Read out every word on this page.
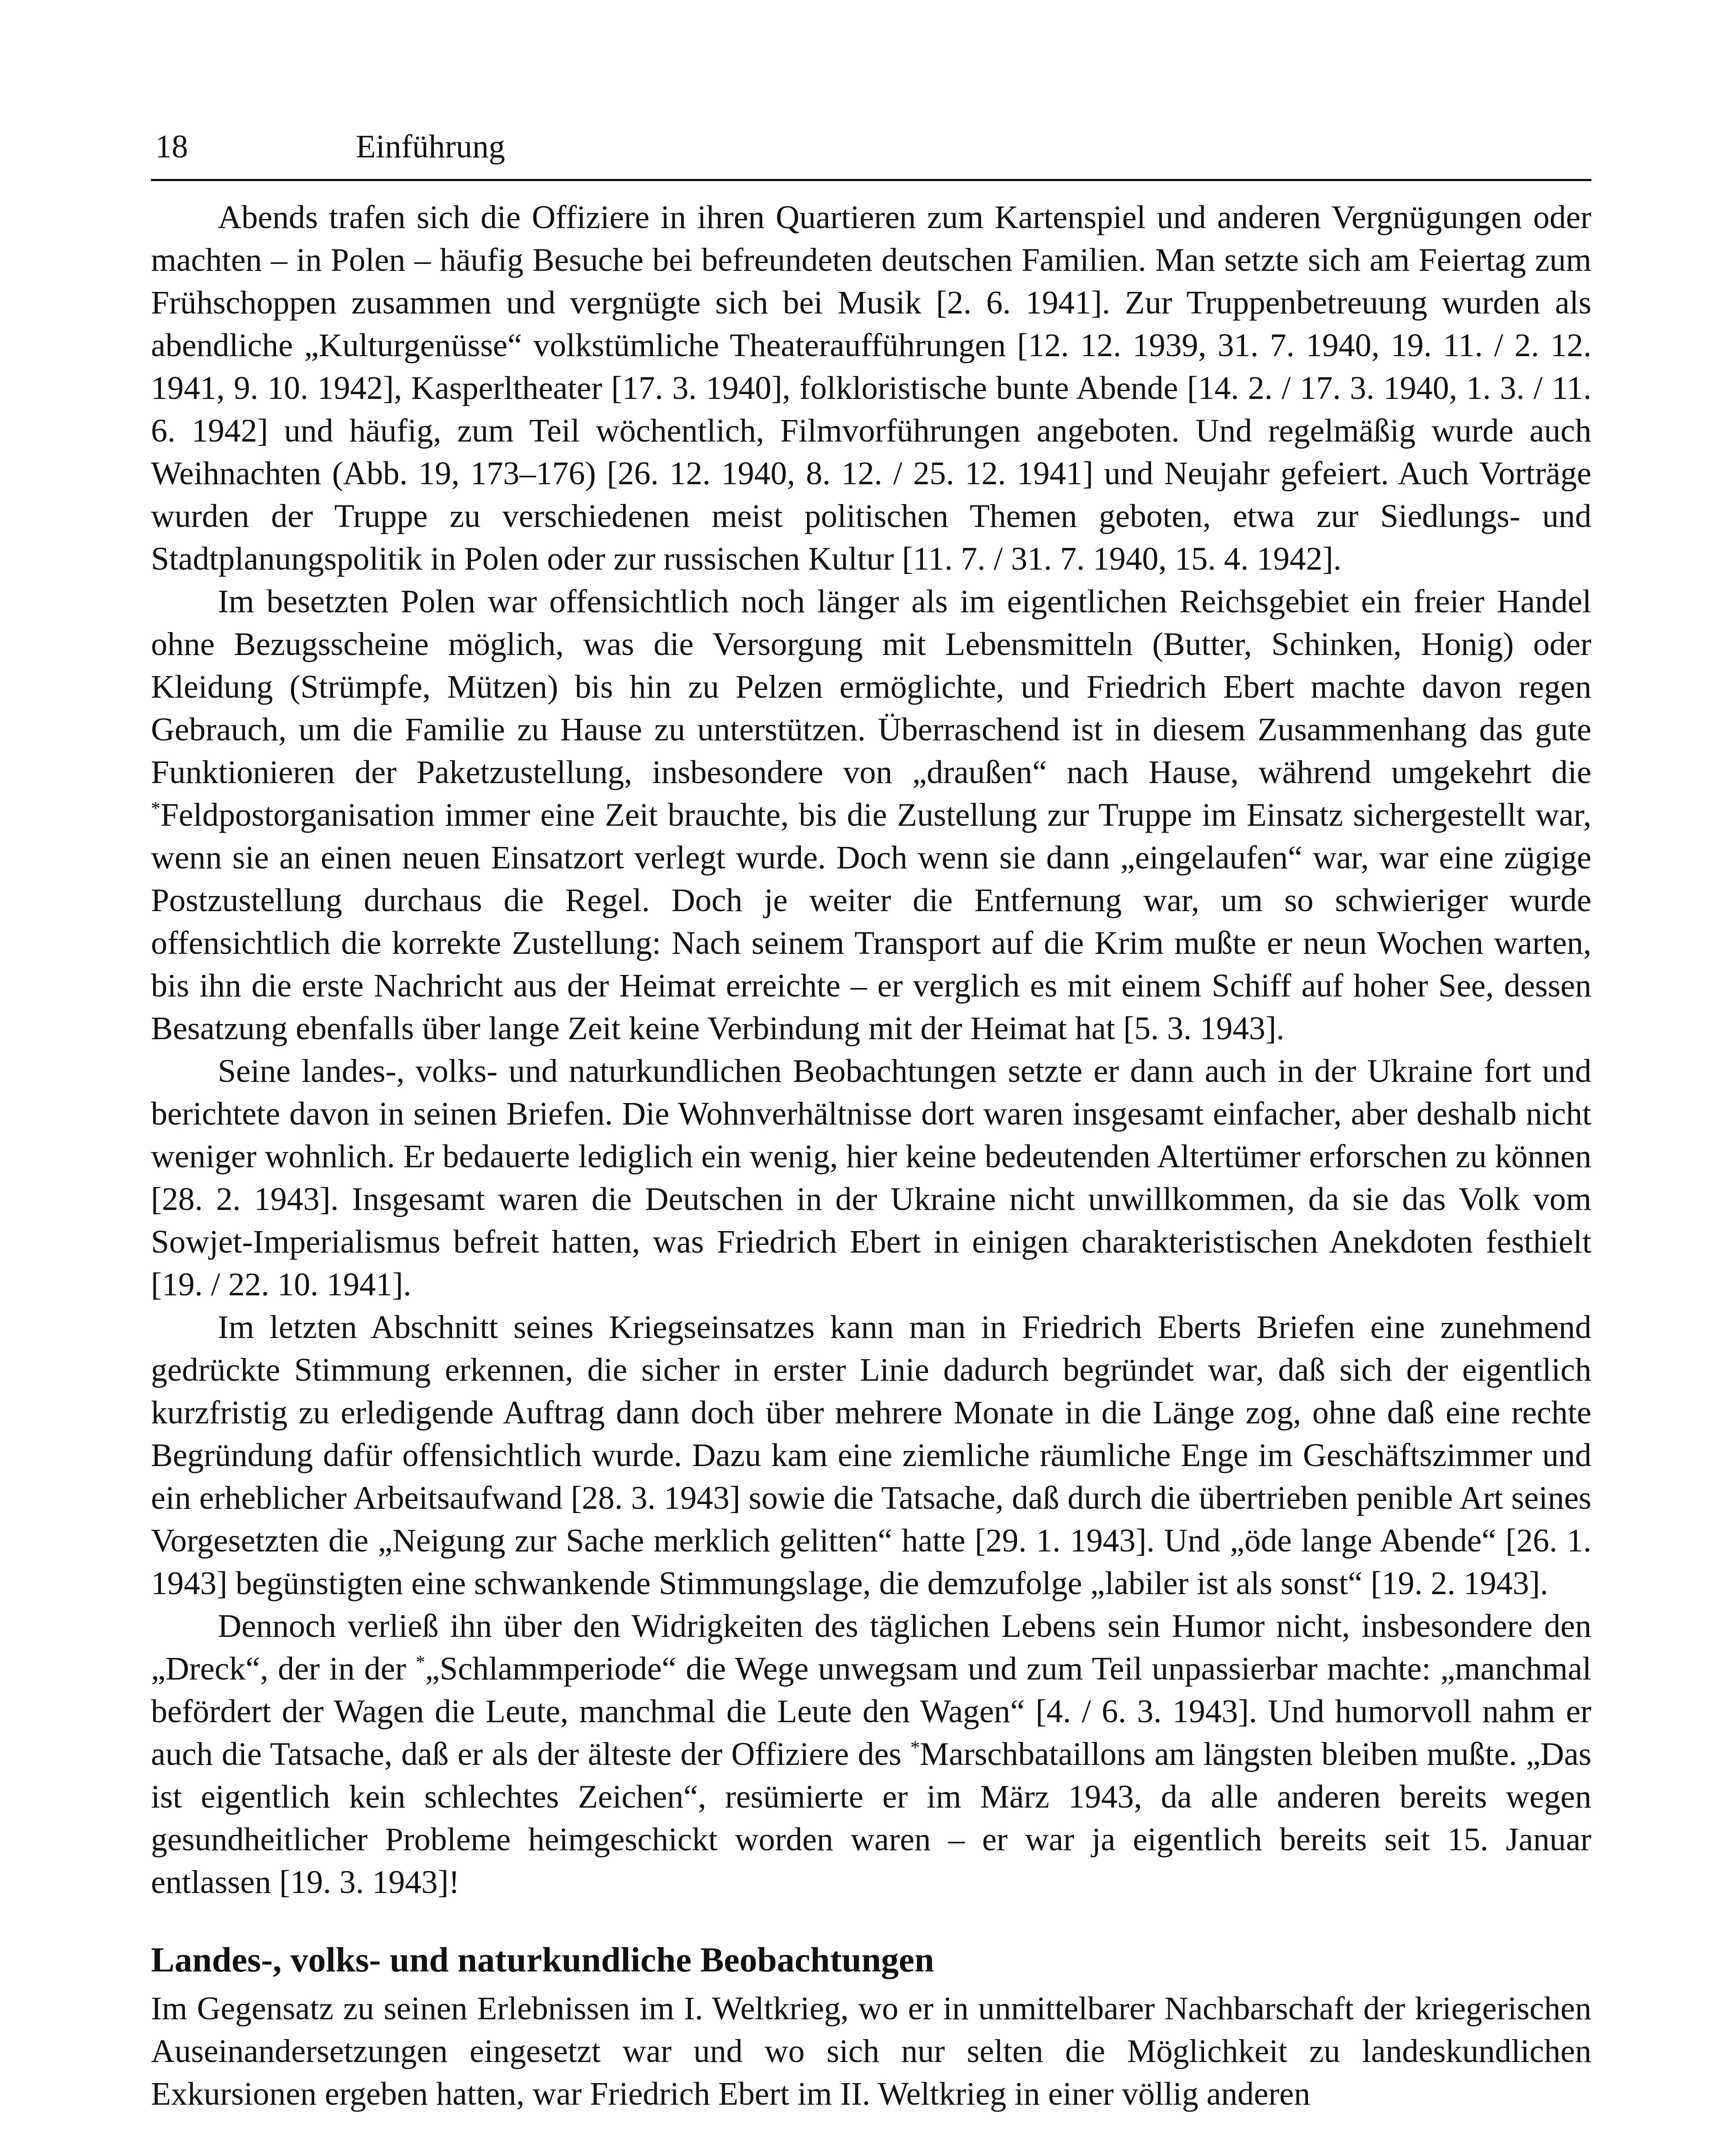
18	Einführung

Abends trafen sich die Offiziere in ihren Quartieren zum Kartenspiel und anderen Vergnügungen oder machten – in Polen – häufig Besuche bei befreundeten deutschen Familien. Man setzte sich am Feiertag zum Frühschoppen zusammen und vergnügte sich bei Musik [2. 6. 1941]. Zur Truppenbetreuung wurden als abendliche „Kulturgenüsse“ volkstümliche Theateraufführungen [12. 12. 1939, 31. 7. 1940, 19. 11. / 2. 12. 1941, 9. 10. 1942], Kasperltheater [17. 3. 1940], folkloristische bunte Abende [14. 2. / 17. 3. 1940, 1. 3. / 11. 6. 1942] und häufig, zum Teil wöchentlich, Filmvorführungen angeboten. Und regelmäßig wurde auch Weihnachten (Abb. 19, 173–176) [26. 12. 1940, 8. 12. / 25. 12. 1941] und Neujahr gefeiert. Auch Vorträge wurden der Truppe zu verschiedenen meist politischen Themen geboten, etwa zur Siedlungs- und Stadtplanungspolitik in Polen oder zur russischen Kultur [11. 7. / 31. 7. 1940, 15. 4. 1942].

Im besetzten Polen war offensichtlich noch länger als im eigentlichen Reichsgebiet ein freier Handel ohne Bezugsscheine möglich, was die Versorgung mit Lebensmitteln (Butter, Schinken, Honig) oder Kleidung (Strümpfe, Mützen) bis hin zu Pelzen ermöglichte, und Friedrich Ebert machte davon regen Gebrauch, um die Familie zu Hause zu unterstützen. Überraschend ist in diesem Zusammenhang das gute Funktionieren der Paketzustellung, insbesondere von „draußen“ nach Hause, während umgekehrt die *Feldpostorganisation immer eine Zeit brauchte, bis die Zustellung zur Truppe im Einsatz sichergestellt war, wenn sie an einen neuen Einsatzort verlegt wurde. Doch wenn sie dann „eingelaufen“ war, war eine zügige Postzustellung durchaus die Regel. Doch je weiter die Entfernung war, um so schwieriger wurde offensichtlich die korrekte Zustellung: Nach seinem Transport auf die Krim mußte er neun Wochen warten, bis ihn die erste Nachricht aus der Heimat erreichte – er verglich es mit einem Schiff auf hoher See, dessen Besatzung ebenfalls über lange Zeit keine Verbindung mit der Heimat hat [5. 3. 1943].

Seine landes-, volks- und naturkundlichen Beobachtungen setzte er dann auch in der Ukraine fort und berichtete davon in seinen Briefen. Die Wohnverhältnisse dort waren insgesamt einfacher, aber deshalb nicht weniger wohnlich. Er bedauerte lediglich ein wenig, hier keine bedeutenden Altertümer erforschen zu können [28. 2. 1943]. Insgesamt waren die Deutschen in der Ukraine nicht unwillkommen, da sie das Volk vom Sowjet-Imperialismus befreit hatten, was Friedrich Ebert in einigen charakteristischen Anekdoten festhielt [19. / 22. 10. 1941].

Im letzten Abschnitt seines Kriegseinsatzes kann man in Friedrich Eberts Briefen eine zunehmend gedrückte Stimmung erkennen, die sicher in erster Linie dadurch begründet war, daß sich der eigentlich kurzfristig zu erledigende Auftrag dann doch über mehrere Monate in die Länge zog, ohne daß eine rechte Begründung dafür offensichtlich wurde. Dazu kam eine ziemliche räumliche Enge im Geschäftszimmer und ein erheblicher Arbeitsaufwand [28. 3. 1943] sowie die Tatsache, daß durch die übertrieben penible Art seines Vorgesetzten die „Neigung zur Sache merklich gelitten“ hatte [29. 1. 1943]. Und „öde lange Abende“ [26. 1. 1943] begünstigten eine schwankende Stimmungslage, die demzufolge „labiler ist als sonst“ [19. 2. 1943].

Dennoch verließ ihn über den Widrigkeiten des täglichen Lebens sein Humor nicht, insbesondere den „Dreck“, der in der *„Schlammperiode“ die Wege unwegsam und zum Teil unpassierbar machte: „manchmal befördert der Wagen die Leute, manchmal die Leute den Wagen“ [4. / 6. 3. 1943]. Und humorvoll nahm er auch die Tatsache, daß er als der älteste der Offiziere des *Marschbataillons am längsten bleiben mußte. „Das ist eigentlich kein schlechtes Zeichen“, resümierte er im März 1943, da alle anderen bereits wegen gesundheitlicher Probleme heimgeschickt worden waren – er war ja eigentlich bereits seit 15. Januar entlassen [19. 3. 1943]!

Landes-, volks- und naturkundliche Beobachtungen

Im Gegensatz zu seinen Erlebnissen im I. Weltkrieg, wo er in unmittelbarer Nachbarschaft der kriegerischen Auseinandersetzungen eingesetzt war und wo sich nur selten die Möglichkeit zu landeskundlichen Exkursionen ergeben hatten, war Friedrich Ebert im II. Weltkrieg in einer völlig anderen
